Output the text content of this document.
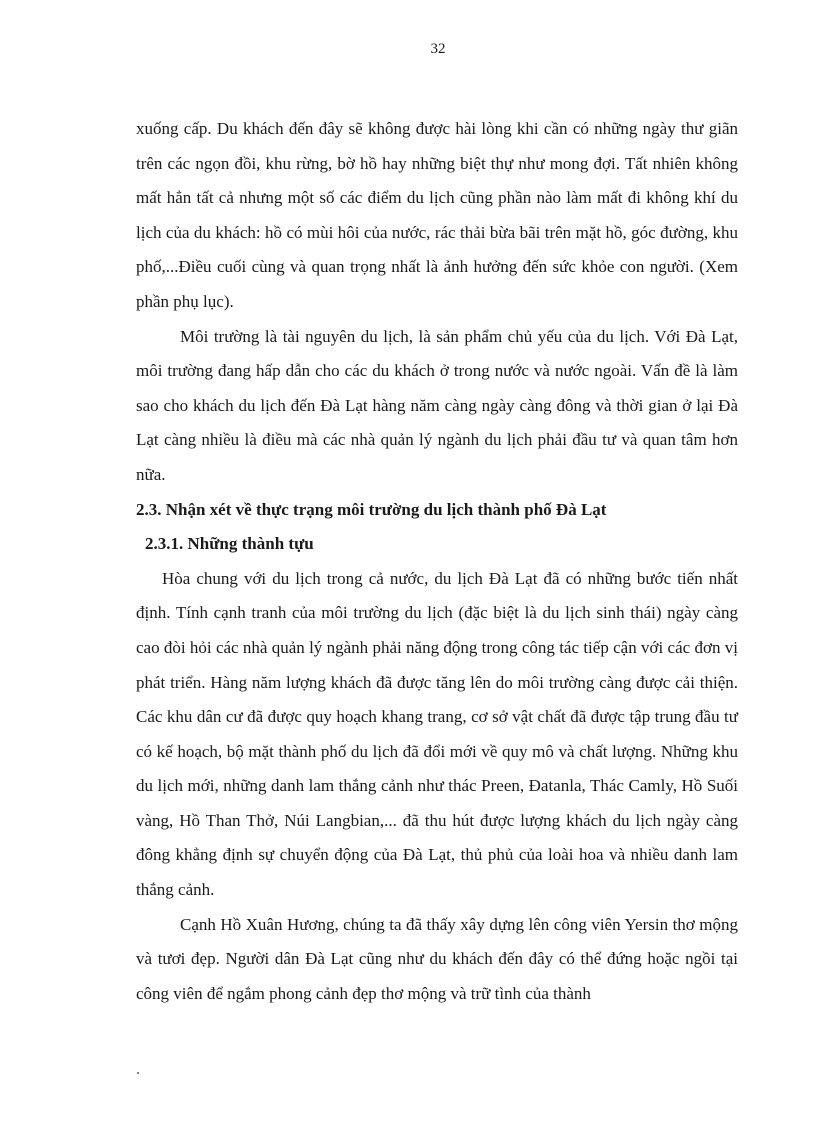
32

xuống cấp. Du khách đến đây sẽ không được hài lòng khi cần có những ngày thư giãn trên các ngọn đồi, khu rừng, bờ hồ hay những biệt thự như mong đợi. Tất nhiên không mất hẳn tất cả nhưng một số các điểm du lịch cũng phần nào làm mất đi không khí du lịch của du khách: hồ có mùi hôi của nước, rác thải bừa bãi trên mặt hồ, góc đường, khu phố,...Điều cuối cùng và quan trọng nhất là ảnh hưởng đến sức khỏe con người. (Xem phần phụ lục).

Môi trường là tài nguyên du lịch, là sản phẩm chủ yếu của du lịch. Với Đà Lạt, môi trường đang hấp dẫn cho các du khách ở trong nước và nước ngoài. Vấn đề là làm sao cho khách du lịch đến Đà Lạt hàng năm càng ngày càng đông và thời gian ở lại Đà Lạt càng nhiều là điều mà các nhà quản lý ngành du lịch phải đầu tư và quan tâm hơn nữa.

2.3. Nhận xét về thực trạng môi trường du lịch thành phố Đà Lạt
2.3.1. Những thành tựu

Hòa chung với du lịch trong cả nước, du lịch Đà Lạt đã có những bước tiến nhất định. Tính cạnh tranh của môi trường du lịch (đặc biệt là du lịch sinh thái) ngày càng cao đòi hỏi các nhà quản lý ngành phải năng động trong công tác tiếp cận với các đơn vị phát triển. Hàng năm lượng khách đã được tăng lên do môi trường càng được cải thiện. Các khu dân cư đã được quy hoạch khang trang, cơ sở vật chất đã được tập trung đầu tư có kế hoạch, bộ mặt thành phố du lịch đã đổi mới về quy mô và chất lượng. Những khu du lịch mới, những danh lam thắng cảnh như thác Preen, Đatanla, Thác Camly, Hồ Suối vàng, Hồ Than Thở, Núi Langbian,... đã thu hút được lượng khách du lịch ngày càng đông khẳng định sự chuyển động của Đà Lạt, thủ phủ của loài hoa và nhiều danh lam thắng cảnh.

Cạnh Hồ Xuân Hương, chúng ta đã thấy xây dựng lên công viên Yersin thơ mộng và tươi đẹp. Người dân Đà Lạt cũng như du khách đến đây có thể đứng hoặc ngồi tại công viên để ngắm phong cảnh đẹp thơ mộng và trữ tình của thành
